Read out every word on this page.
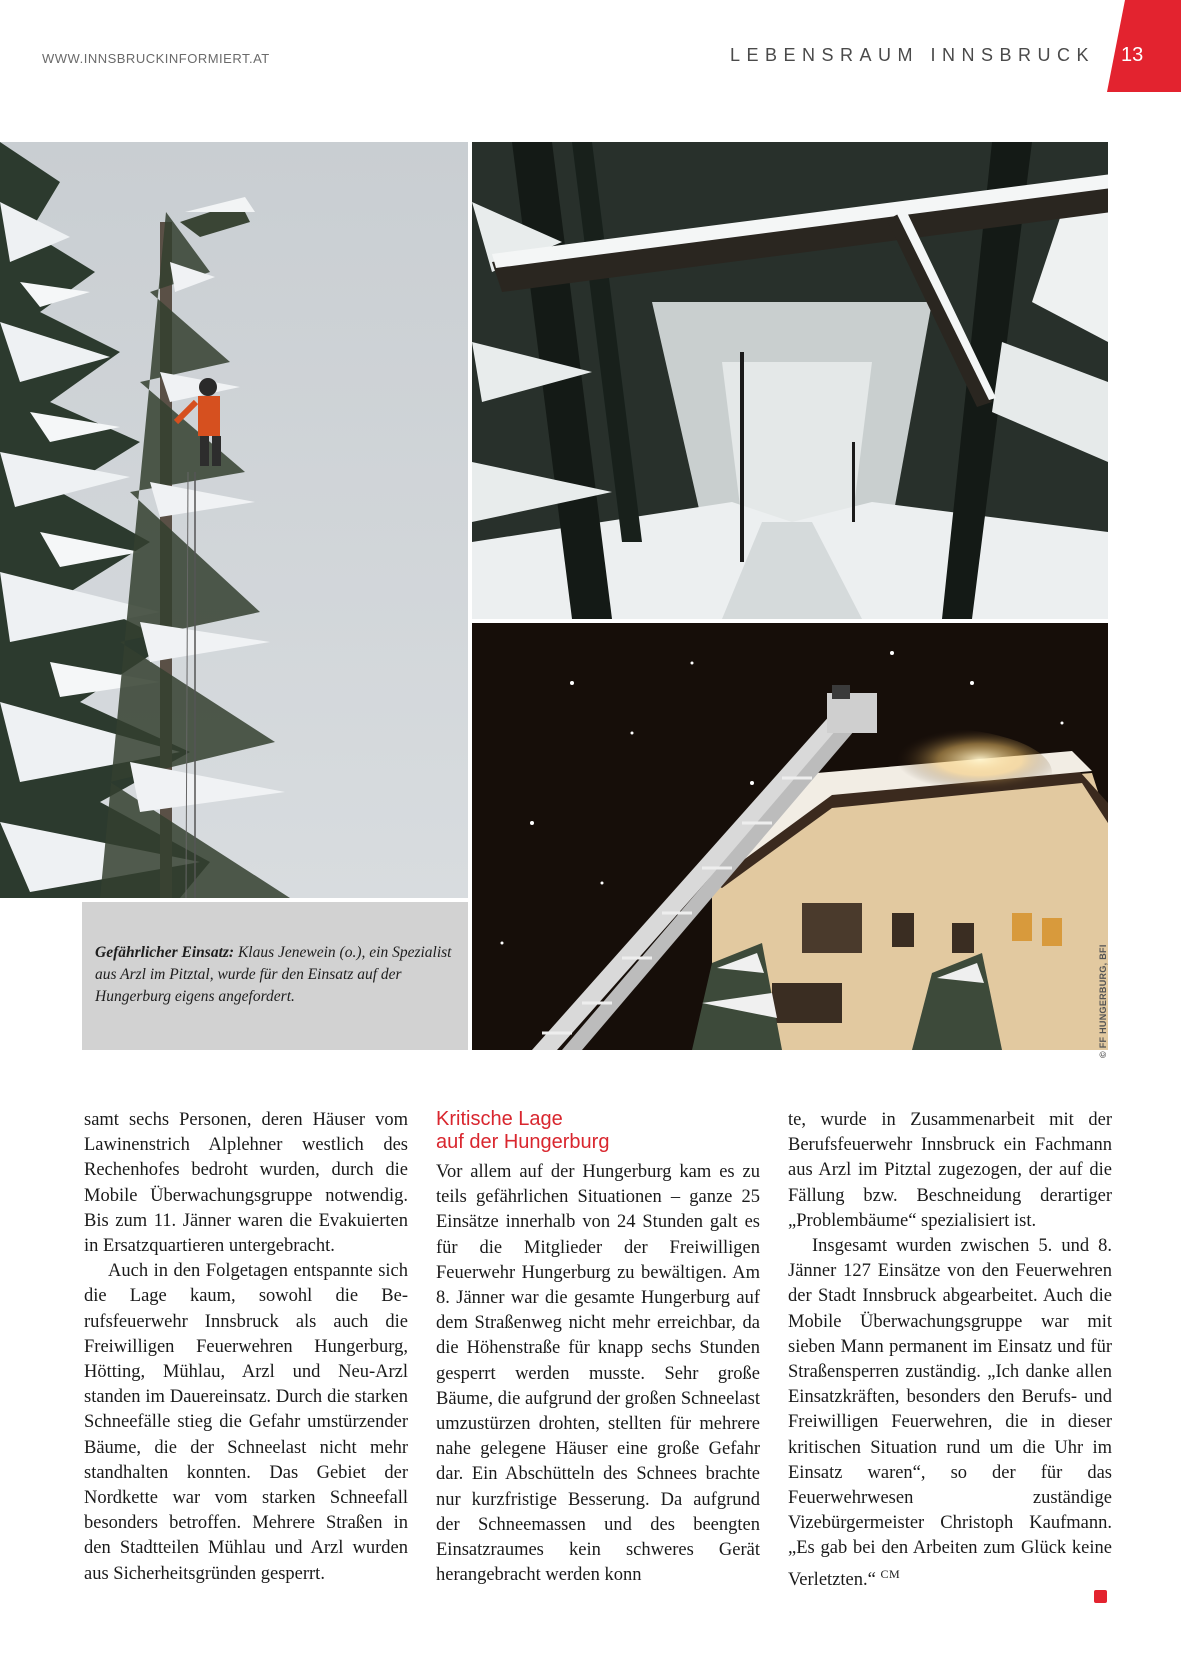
WWW.INNSBRUCKINFORMIERT.AT	LEBENSRAUM INNSBRUCK 13
Gefährlicher Einsatz: Klaus Jenewein (o.), ein Spezialist aus Arzl im Pitztal, wurde für den Einsatz auf der Hungerburg eigens angefordert.	© FF HUNGERBURG, BFI

samt sechs Personen, deren Häuser vom Lawinenstrich Alplehner westlich des Rechenhofes bedroht wurden, durch die Mobile Überwachungsgruppe notwendig. Bis zum 11. Jänner waren die Evakuierten in Ersatzquartieren untergebracht.

Auch in den Folgetagen entspannte sich die Lage kaum, sowohl die Berufsfeuerwehr Innsbruck als auch die Freiwilligen Feuerwehren Hungerburg, Hötting, Mühlau, Arzl und Neu-Arzl standen im Dauereinsatz. Durch die starken Schneefälle stieg die Gefahr umstürzender Bäume, die der Schneelast nicht mehr standhalten konnten. Das Gebiet der Nordkette war vom starken Schneefall besonders betroffen. Mehrere Straßen in den Stadtteilen Mühlau und Arzl wurden aus Sicherheitsgründen gesperrt.

Kritische Lage
auf der Hungerburg

Vor allem auf der Hungerburg kam es zu teils gefährlichen Situationen – ganze 25 Einsätze innerhalb von 24 Stunden galt es für die Mitglieder der Freiwilligen Feuerwehr Hungerburg zu bewältigen. Am 8. Jänner war die gesamte Hungerburg auf dem Straßenweg nicht mehr erreichbar, da die Höhenstraße für knapp sechs Stunden gesperrt werden musste. Sehr große Bäume, die aufgrund der großen Schneelast umzustürzen drohten, stellten für mehrere nahe gelegene Häuser eine große Gefahr dar. Ein Abschütteln des Schnees brachte nur kurzfristige Besserung. Da aufgrund der Schneemassen und des beengten Einsatzraumes kein schweres Gerät herangebracht werden konn

te, wurde in Zusammenarbeit mit der Berufsfeuerwehr Innsbruck ein Fachmann aus Arzl im Pitztal zugezogen, der auf die Fällung bzw. Beschneidung derartiger „Problembäume“ spezialisiert ist.

Insgesamt wurden zwischen 5. und 8. Jänner 127 Einsätze von den Feuerwehren der Stadt Innsbruck abgearbeitet. Auch die Mobile Überwachungsgruppe war mit sieben Mann permanent im Einsatz und für Straßensperren zuständig. „Ich danke allen Einsatzkräften, besonders den Berufs- und Freiwilligen Feuerwehren, die in dieser kritischen Situation rund um die Uhr im Einsatz waren“, so der für das Feuerwehrwesen zuständige Vizebürgermeister Christoph Kaufmann. „Es gab bei den Arbeiten zum Glück keine Verletzten.“ $^{CM}$
